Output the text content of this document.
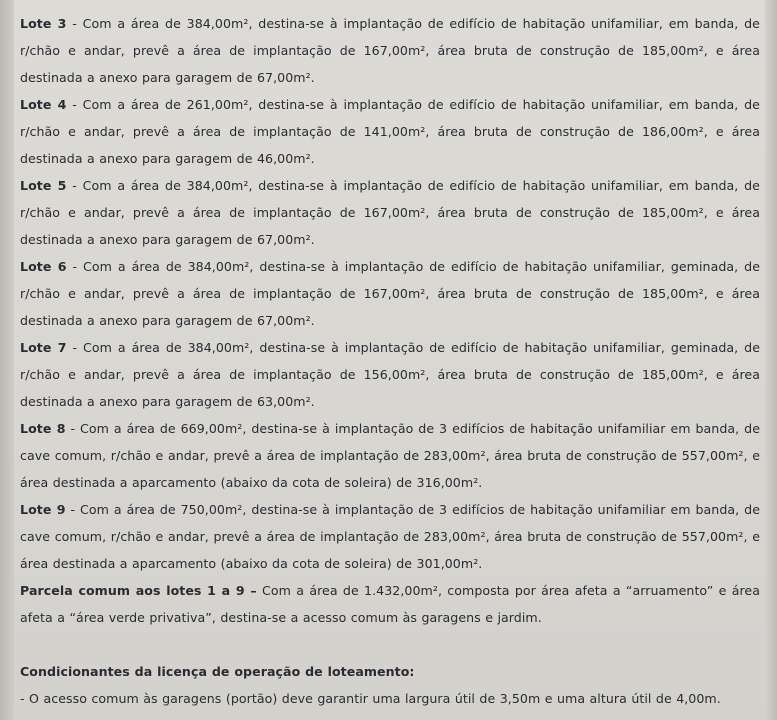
Lote 3 - Com a área de 384,00m², destina-se à implantação de edifício de habitação unifamiliar, em banda, de r/chão e andar, prevê a área de implantação de 167,00m², área bruta de construção de 185,00m², e área destinada a anexo para garagem de 67,00m².

Lote 4 - Com a área de 261,00m², destina-se à implantação de edifício de habitação unifamiliar, em banda, de r/chão e andar, prevê a área de implantação de 141,00m², área bruta de construção de 186,00m², e área destinada a anexo para garagem de 46,00m².

Lote 5 - Com a área de 384,00m², destina-se à implantação de edifício de habitação unifamiliar, em banda, de r/chão e andar, prevê a área de implantação de 167,00m², área bruta de construção de 185,00m², e área destinada a anexo para garagem de 67,00m².

Lote 6 - Com a área de 384,00m², destina-se à implantação de edifício de habitação unifamiliar, geminada, de r/chão e andar, prevê a área de implantação de 167,00m², área bruta de construção de 185,00m², e área destinada a anexo para garagem de 67,00m².

Lote 7 - Com a área de 384,00m², destina-se à implantação de edifício de habitação unifamiliar, geminada, de r/chão e andar, prevê a área de implantação de 156,00m², área bruta de construção de 185,00m², e área destinada a anexo para garagem de 63,00m².

Lote 8 - Com a área de 669,00m², destina-se à implantação de 3 edifícios de habitação unifamiliar em banda, de cave comum, r/chão e andar, prevê a área de implantação de 283,00m², área bruta de construção de 557,00m², e área destinada a aparcamento (abaixo da cota de soleira) de 316,00m².

Lote 9 - Com a área de 750,00m², destina-se à implantação de 3 edifícios de habitação unifamiliar em banda, de cave comum, r/chão e andar, prevê a área de implantação de 283,00m², área bruta de construção de 557,00m², e área destinada a aparcamento (abaixo da cota de soleira) de 301,00m².

Parcela comum aos lotes 1 a 9 – Com a área de 1.432,00m², composta por área afeta a “arruamento” e área afeta a “área verde privativa”, destina-se a acesso comum às garagens e jardim.

Condicionantes da licença de operação de loteamento:

- O acesso comum às garagens (portão) deve garantir uma largura útil de 3,50m e uma altura útil de 4,00m.
